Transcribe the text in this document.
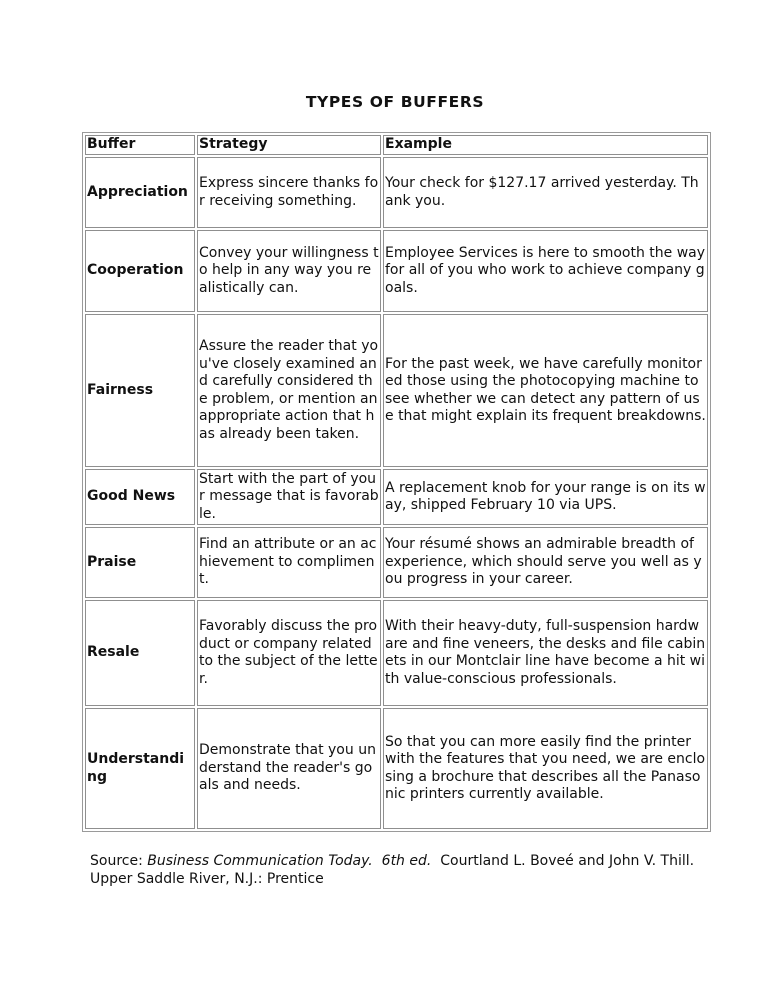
TYPES OF BUFFERS
Buffer	Strategy	Example
Appreciation	Express sincere thanks for receiving something.	Your check for $127.17 arrived yesterday. Thank you.
Cooperation	Convey your willingness to help in any way you realistically can.	Employee Services is here to smooth the way for all of you who work to achieve company goals.
Fairness	Assure the reader that you've closely examined and carefully considered the problem, or mention an appropriate action that has already been taken.	For the past week, we have carefully monitored those using the photocopying machine to see whether we can detect any pattern of use that might explain its frequent breakdowns.
Good News	Start with the part of your message that is favorable.	A replacement knob for your range is on its way, shipped February 10 via UPS.
Praise	Find an attribute or an achievement to compliment.	Your résumé shows an admirable breadth of experience, which should serve you well as you progress in your career.
Resale	Favorably discuss the product or company related to the subject of the letter.	With their heavy-duty, full-suspension hardware and fine veneers, the desks and file cabinets in our Montclair line have become a hit with value-conscious professionals.
Understanding	Demonstrate that you understand the reader's goals and needs.	So that you can more easily find the printer with the features that you need, we are enclosing a brochure that describes all the Panasonic printers currently available.

Source: Business Communication Today. 6th ed. Courtland L. Boveé and John V. Thill. Upper Saddle River, N.J.: Prentice
